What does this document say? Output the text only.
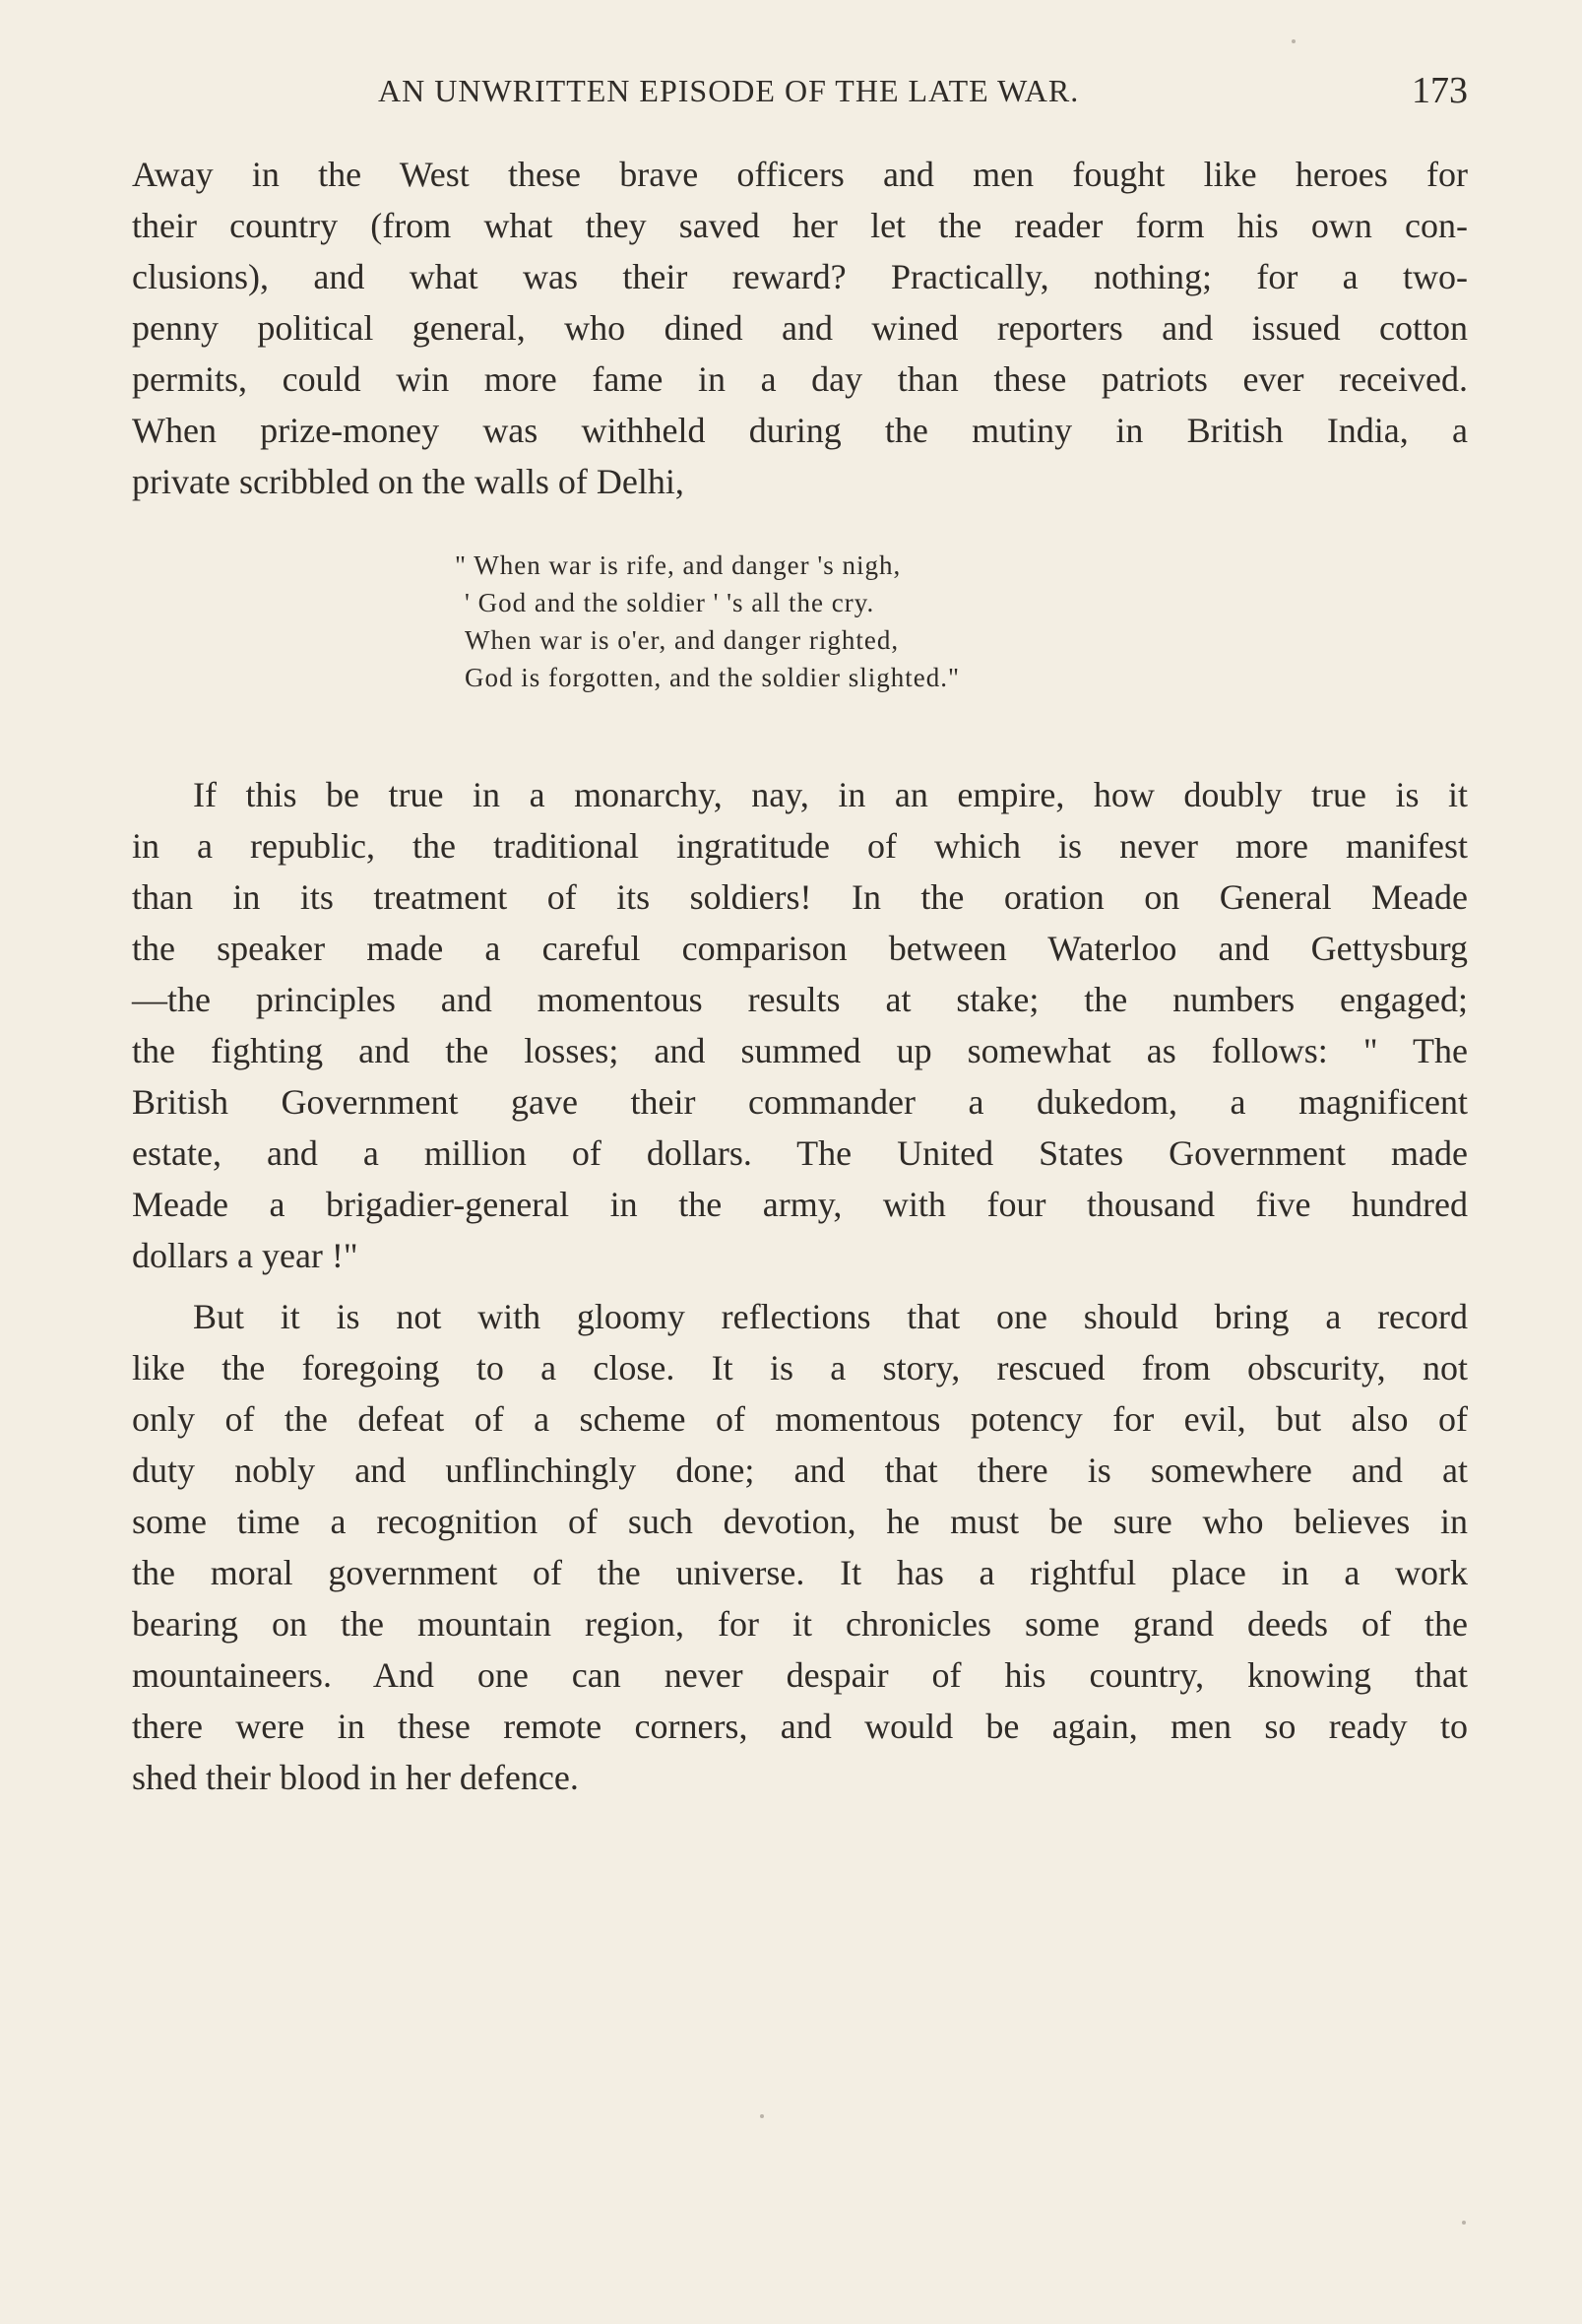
AN UNWRITTEN EPISODE OF THE LATE WAR.	173
Away in the West these brave officers and men fought like heroes for
their country (from what they saved her let the reader form his own con-
clusions), and what was their reward? Practically, nothing; for a two-
penny political general, who dined and wined reporters and issued cotton
permits, could win more fame in a day than these patriots ever received.
When prize-money was withheld during the mutiny in British India, a
private scribbled on the walls of Delhi,
" When war is rife, and danger 's nigh,
' God and the soldier ' 's all the cry.
When war is o'er, and danger righted,
God is forgotten, and the soldier slighted."
If this be true in a monarchy, nay, in an empire, how doubly true is it
in a republic, the traditional ingratitude of which is never more manifest
than in its treatment of its soldiers! In the oration on General Meade
the speaker made a careful comparison between Waterloo and Gettysburg
—the principles and momentous results at stake; the numbers engaged;
the fighting and the losses; and summed up somewhat as follows: " The
British Government gave their commander a dukedom, a magnificent
estate, and a million of dollars. The United States Government made
Meade a brigadier-general in the army, with four thousand five hundred
dollars a year !"
But it is not with gloomy reflections that one should bring a record
like the foregoing to a close. It is a story, rescued from obscurity, not
only of the defeat of a scheme of momentous potency for evil, but also of
duty nobly and unflinchingly done; and that there is somewhere and at
some time a recognition of such devotion, he must be sure who believes in
the moral government of the universe. It has a rightful place in a work
bearing on the mountain region, for it chronicles some grand deeds of the
mountaineers. And one can never despair of his country, knowing that
there were in these remote corners, and would be again, men so ready to
shed their blood in her defence.
